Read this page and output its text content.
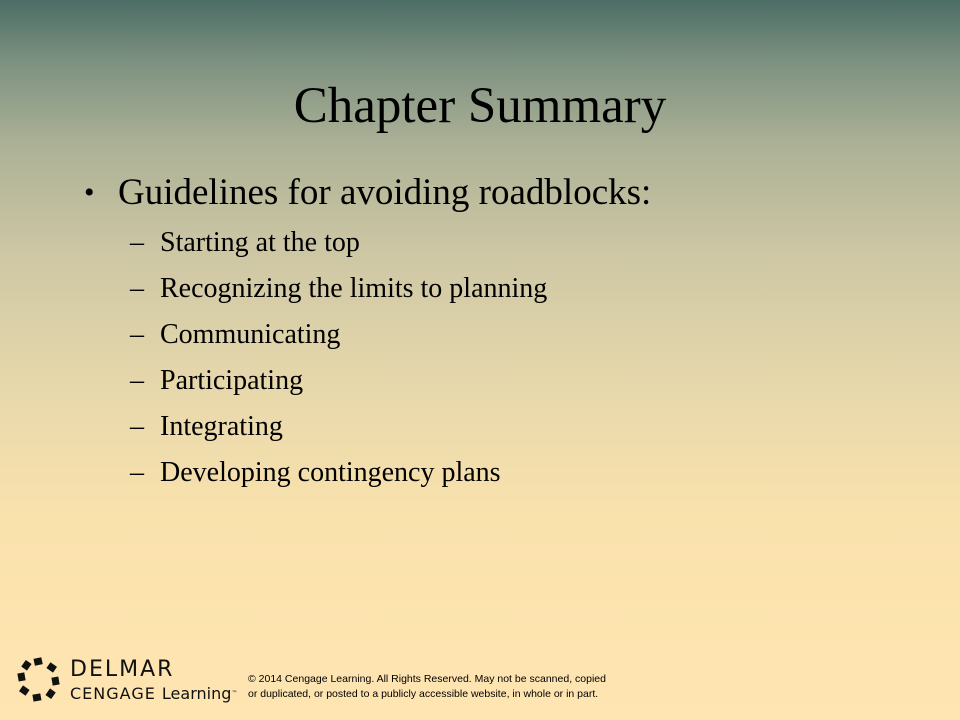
Chapter Summary
• Guidelines for avoiding roadblocks:
– Starting at the top
– Recognizing the limits to planning
– Communicating
– Participating
– Integrating
– Developing contingency plans
DELMAR
CENGAGE Learning™
© 2014 Cengage Learning. All Rights Reserved. May not be scanned, copied
or duplicated, or posted to a publicly accessible website, in whole or in part.
